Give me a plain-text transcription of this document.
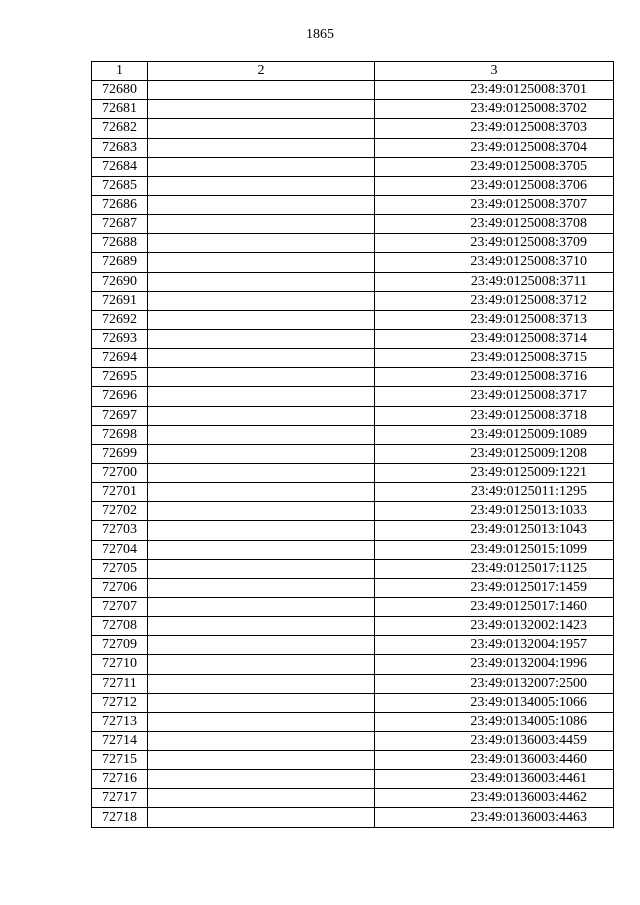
1865
1	2	3
72680		23:49:0125008:3701
72681		23:49:0125008:3702
72682		23:49:0125008:3703
72683		23:49:0125008:3704
72684		23:49:0125008:3705
72685		23:49:0125008:3706
72686		23:49:0125008:3707
72687		23:49:0125008:3708
72688		23:49:0125008:3709
72689		23:49:0125008:3710
72690		23:49:0125008:3711
72691		23:49:0125008:3712
72692		23:49:0125008:3713
72693		23:49:0125008:3714
72694		23:49:0125008:3715
72695		23:49:0125008:3716
72696		23:49:0125008:3717
72697		23:49:0125008:3718
72698		23:49:0125009:1089
72699		23:49:0125009:1208
72700		23:49:0125009:1221
72701		23:49:0125011:1295
72702		23:49:0125013:1033
72703		23:49:0125013:1043
72704		23:49:0125015:1099
72705		23:49:0125017:1125
72706		23:49:0125017:1459
72707		23:49:0125017:1460
72708		23:49:0132002:1423
72709		23:49:0132004:1957
72710		23:49:0132004:1996
72711		23:49:0132007:2500
72712		23:49:0134005:1066
72713		23:49:0134005:1086
72714		23:49:0136003:4459
72715		23:49:0136003:4460
72716		23:49:0136003:4461
72717		23:49:0136003:4462
72718		23:49:0136003:4463
